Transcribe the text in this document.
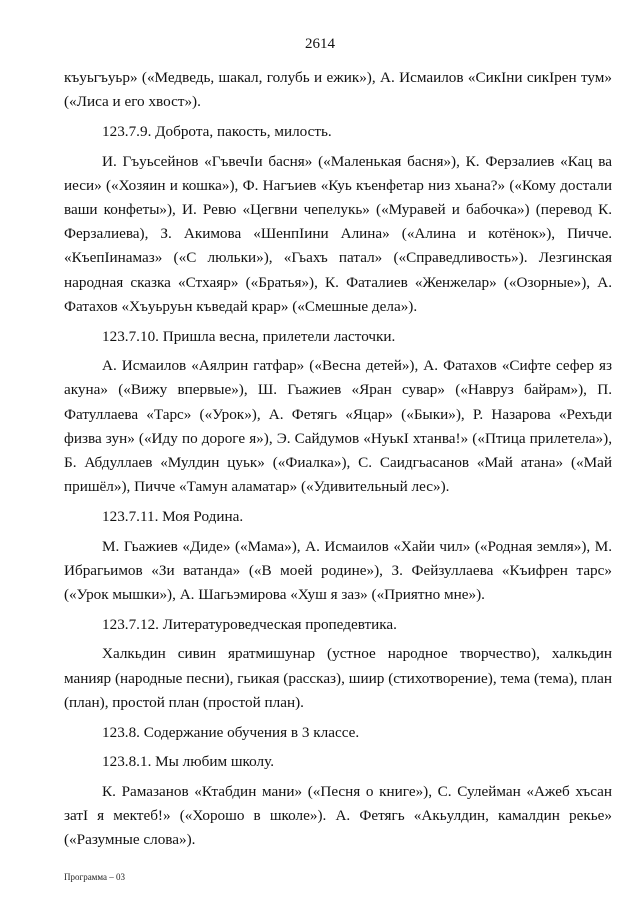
2614

къуьгъуьр» («Медведь, шакал, голубь и ежик»), А. Исмаилов «СикIни сикIрен тум» («Лиса и его хвост»).

123.7.9. Доброта, пакость, милость.

И. Гъуьсейнов «ГъвечIи басня» («Маленькая басня»), К. Ферзалиев «Кац ва иеси» («Хозяин и кошка»), Ф. Нагъиев «Куь къенфетар низ хьана?» («Кому достали ваши конфеты»), И. Ревю «Цегвни чепелукь» («Муравей и бабочка») (перевод К. Ферзалиева), З. Акимова «ШенпIини Алина» («Алина и котёнок»), Пичче. «КъепIинамаз» («С люльки»), «Гьахъ патал» («Справедливость»). Лезгинская народная сказка «Стхаяр» («Братья»), К. Фаталиев «Женжелар» («Озорные»), А. Фатахов «Хъуьруьн къведай крар» («Смешные дела»).

123.7.10. Пришла весна, прилетели ласточки.

А. Исмаилов «Аялрин гатфар» («Весна детей»), А. Фатахов «Сифте сефер яз акуна» («Вижу впервые»), Ш. Гьажиев «Яран сувар» («Навруз байрам»), П. Фатуллаева «Тарс» («Урок»), А. Фетягь «Яцар» («Быки»), Р. Назарова «Рехъди физва зун» («Иду по дороге я»), Э. Сайдумов «НуькI хтанва!» («Птица прилетела»), Б. Абдуллаев «Мулдин цуьк» («Фиалка»), С. Саидгьасанов «Май атана» («Май пришёл»), Пичче «Тамун аламатар» («Удивительный лес»).

123.7.11. Моя Родина.

М. Гьажиев «Диде» («Мама»), А. Исмаилов «Хайи чил» («Родная земля»), М. Ибрагьимов «Зи ватанда» («В моей родине»), З. Фейзуллаева «Къифрен тарс» («Урок мышки»), А. Шагьэмирова «Хуш я заз» («Приятно мне»).

123.7.12. Литературоведческая пропедевтика.

Халкьдин сивин яратмишунар (устное народное творчество), халкьдин манияр (народные песни), гьикая (рассказ), шиир (стихотворение), тема (тема), план (план), простой план (простой план).

123.8. Содержание обучения в 3 классе.

123.8.1. Мы любим школу.

К. Рамазанов «Ктабдин мани» («Песня о книге»), С. Сулейман «Ажеб хъсан затI я мектеб!» («Хорошо в школе»). А. Фетягь «Акьулдин, камалдин рекье» («Разумные слова»).

Программа – 03
